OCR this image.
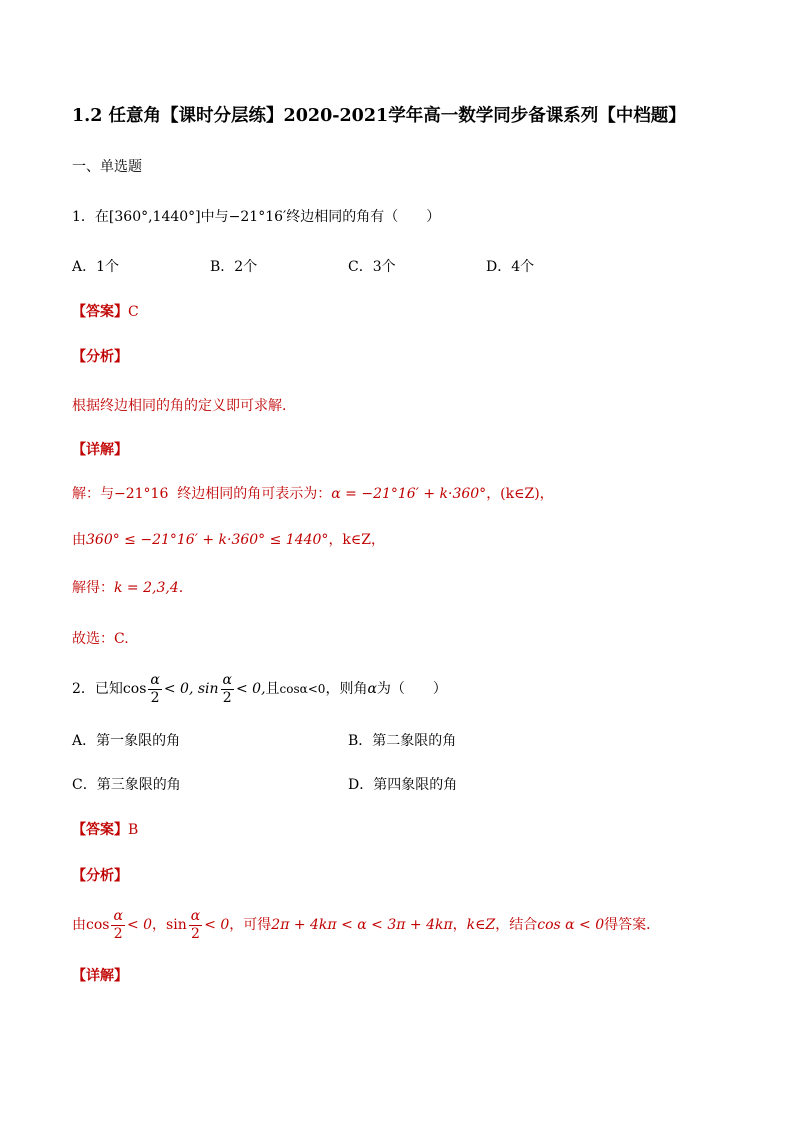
1.2 任意角【课时分层练】2020-2021学年高一数学同步备课系列【中档题】
一、单选题
1．在[360°,1440°]中与−21°16′终边相同的角有（　　）
A．1个	B．2个	C．3个	D．4个
【答案】C
【分析】
根据终边相同的角的定义即可求解.
【详解】
解：与−21°16 终边相同的角可表示为：α = −21°16′ + k·360°，(k∈Z)，
由360° ≤ −21°16′ + k·360° ≤ 1440°，k∈Z，
解得：k = 2,3,4.
故选：C.
2．已知$\cos \frac{\alpha}{2} < 0$, $\sin \frac{\alpha}{2} < 0$,且cosα<0，则角α为（　　）
A．第一象限的角	B．第二象限的角
C．第三象限的角	D．第四象限的角
【答案】B
【分析】
由$\cos \frac{\alpha}{2} < 0$，$\sin \frac{\alpha}{2} < 0$，可得2π + 4kπ < α < 3π + 4kπ，k∈Z，结合cos α < 0得答案．
【详解】
